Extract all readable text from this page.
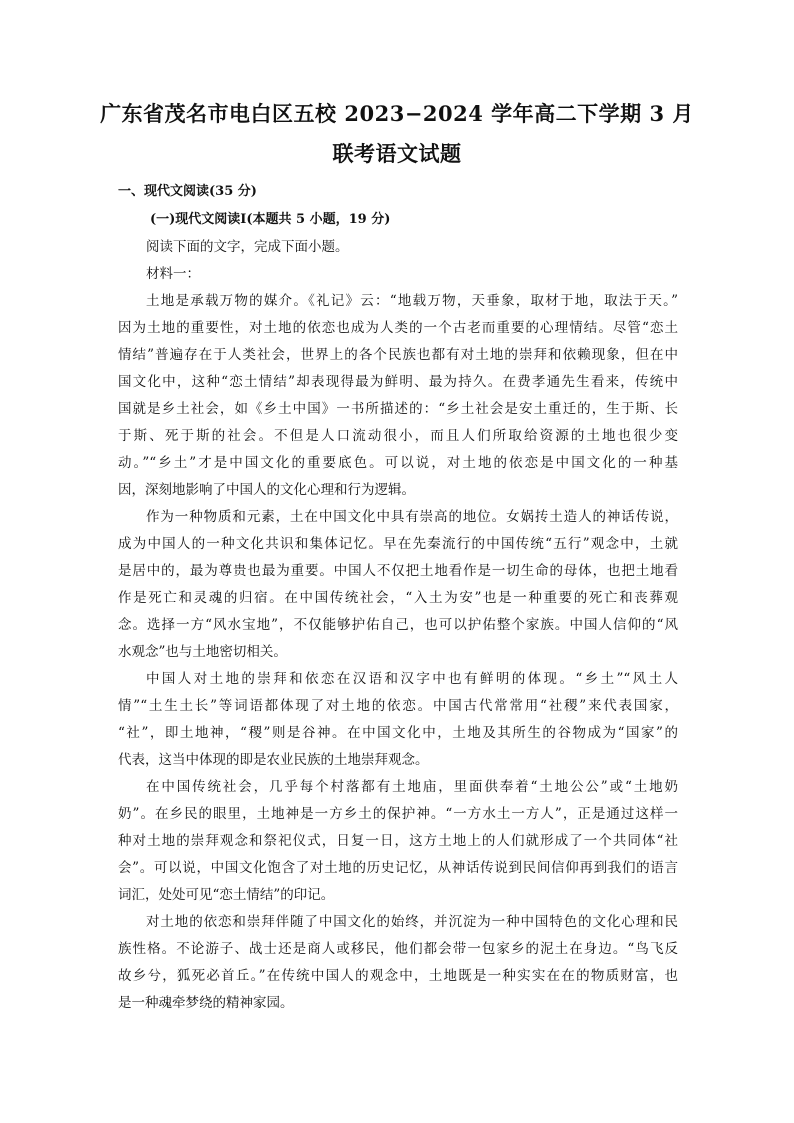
广东省茂名市电白区五校 2023−2024 学年高二下学期 3 月
联考语文试题
一、现代文阅读(35 分)
(一)现代文阅读Ⅰ(本题共 5 小题，19 分)
阅读下面的文字，完成下面小题。
材料一：
土地是承载万物的媒介。《礼记》云：“地载万物，天垂象，取材于地，取法于天。”
因为土地的重要性，对土地的依恋也成为人类的一个古老而重要的心理情结。尽管“恋土
情结”普遍存在于人类社会，世界上的各个民族也都有对土地的崇拜和依赖现象，但在中
国文化中，这种“恋土情结”却表现得最为鲜明、最为持久。在费孝通先生看来，传统中
国就是乡土社会，如《乡土中国》一书所描述的：“乡土社会是安土重迁的，生于斯、长
于斯、死于斯的社会。不但是人口流动很小，而且人们所取给资源的土地也很少变
动。”“乡土”才是中国文化的重要底色。可以说，对土地的依恋是中国文化的一种基
因，深刻地影响了中国人的文化心理和行为逻辑。
作为一种物质和元素，土在中国文化中具有崇高的地位。女娲抟土造人的神话传说，
成为中国人的一种文化共识和集体记忆。早在先秦流行的中国传统“五行”观念中，土就
是居中的，最为尊贵也最为重要。中国人不仅把土地看作是一切生命的母体，也把土地看
作是死亡和灵魂的归宿。在中国传统社会，“入土为安”也是一种重要的死亡和丧葬观
念。选择一方“风水宝地”，不仅能够护佑自己，也可以护佑整个家族。中国人信仰的“风
水观念”也与土地密切相关。
中国人对土地的崇拜和依恋在汉语和汉字中也有鲜明的体现。“乡土”“风土人
情”“土生土长”等词语都体现了对土地的依恋。中国古代常常用“社稷”来代表国家，
“社”，即土地神，“稷”则是谷神。在中国文化中，土地及其所生的谷物成为“国家”的
代表，这当中体现的即是农业民族的土地崇拜观念。
在中国传统社会，几乎每个村落都有土地庙，里面供奉着“土地公公”或“土地奶
奶”。在乡民的眼里，土地神是一方乡土的保护神。“一方水土一方人”，正是通过这样一
种对土地的崇拜观念和祭祀仪式，日复一日，这方土地上的人们就形成了一个共同体“社
会”。可以说，中国文化饱含了对土地的历史记忆，从神话传说到民间信仰再到我们的语言
词汇，处处可见“恋土情结”的印记。
对土地的依恋和崇拜伴随了中国文化的始终，并沉淀为一种中国特色的文化心理和民
族性格。不论游子、战士还是商人或移民，他们都会带一包家乡的泥土在身边。“鸟飞反
故乡兮，狐死必首丘。”在传统中国人的观念中，土地既是一种实实在在的物质财富，也
是一种魂牵梦绕的精神家园。
